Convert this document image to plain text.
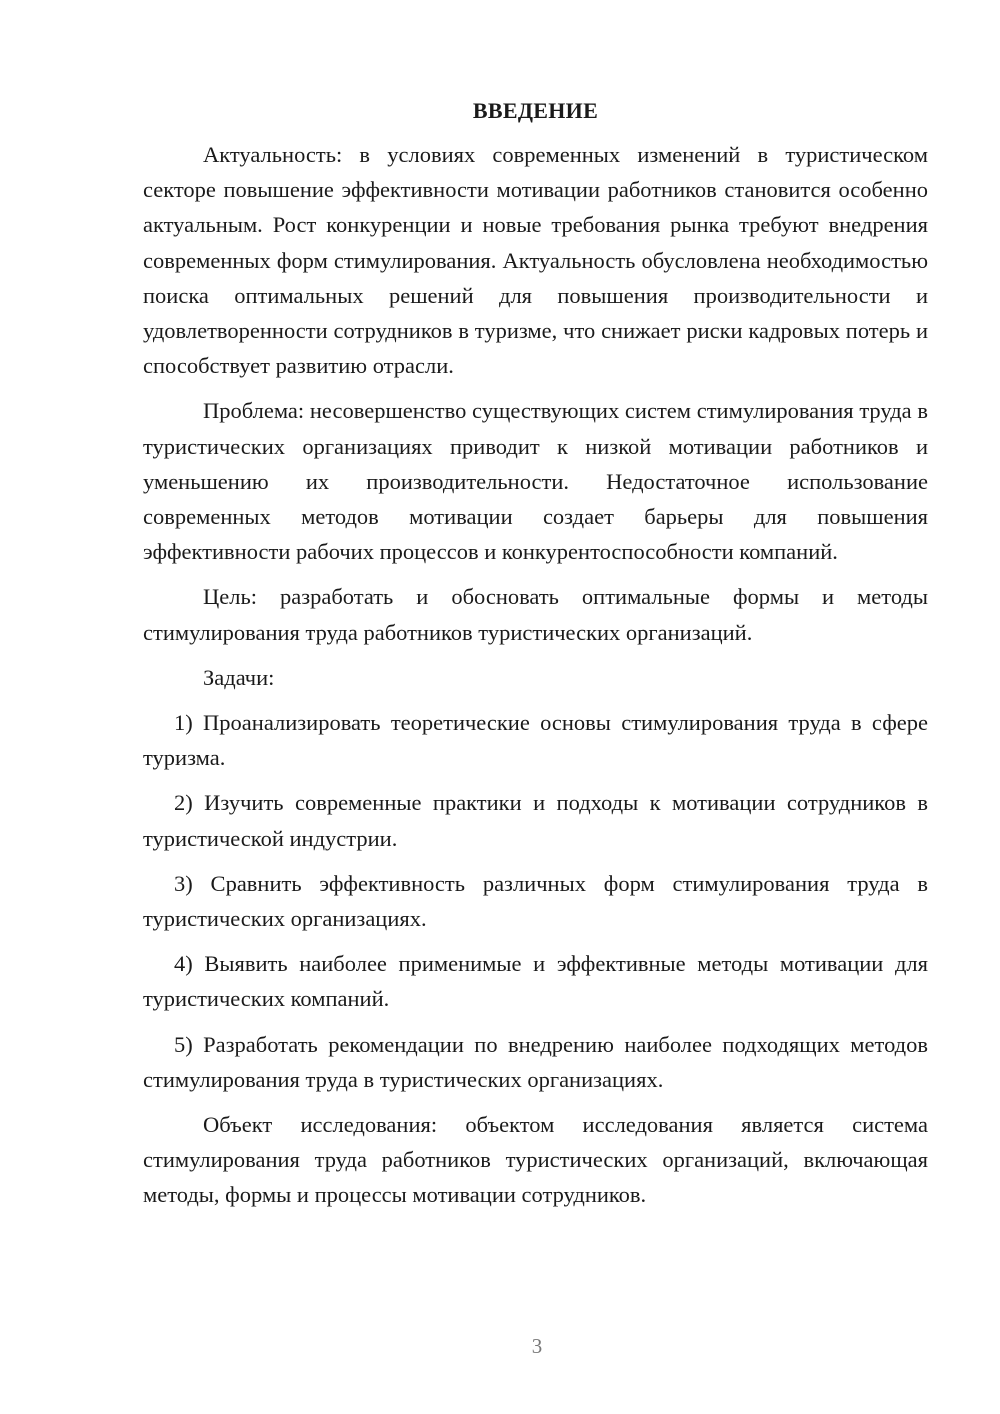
ВВЕДЕНИЕ

Актуальность: в условиях современных изменений в туристическом секторе повышение эффективности мотивации работников становится особенно актуальным. Рост конкуренции и новые требования рынка требуют внедрения современных форм стимулирования. Актуальность обусловлена необходимостью поиска оптимальных решений для повышения производительности и удовлетворенности сотрудников в туризме, что снижает риски кадровых потерь и способствует развитию отрасли.

Проблема: несовершенство существующих систем стимулирования труда в туристических организациях приводит к низкой мотивации работников и уменьшению их производительности. Недостаточное использование современных методов мотивации создает барьеры для повышения эффективности рабочих процессов и конкурентоспособности компаний.

Цель: разработать и обосновать оптимальные формы и методы стимулирования труда работников туристических организаций.

Задачи:

1) Проанализировать теоретические основы стимулирования труда в сфере туризма.

2) Изучить современные практики и подходы к мотивации сотрудников в туристической индустрии.

3) Сравнить эффективность различных форм стимулирования труда в туристических организациях.

4) Выявить наиболее применимые и эффективные методы мотивации для туристических компаний.

5) Разработать рекомендации по внедрению наиболее подходящих методов стимулирования труда в туристических организациях.

Объект исследования: объектом исследования является система стимулирования труда работников туристических организаций, включающая методы, формы и процессы мотивации сотрудников.

3
